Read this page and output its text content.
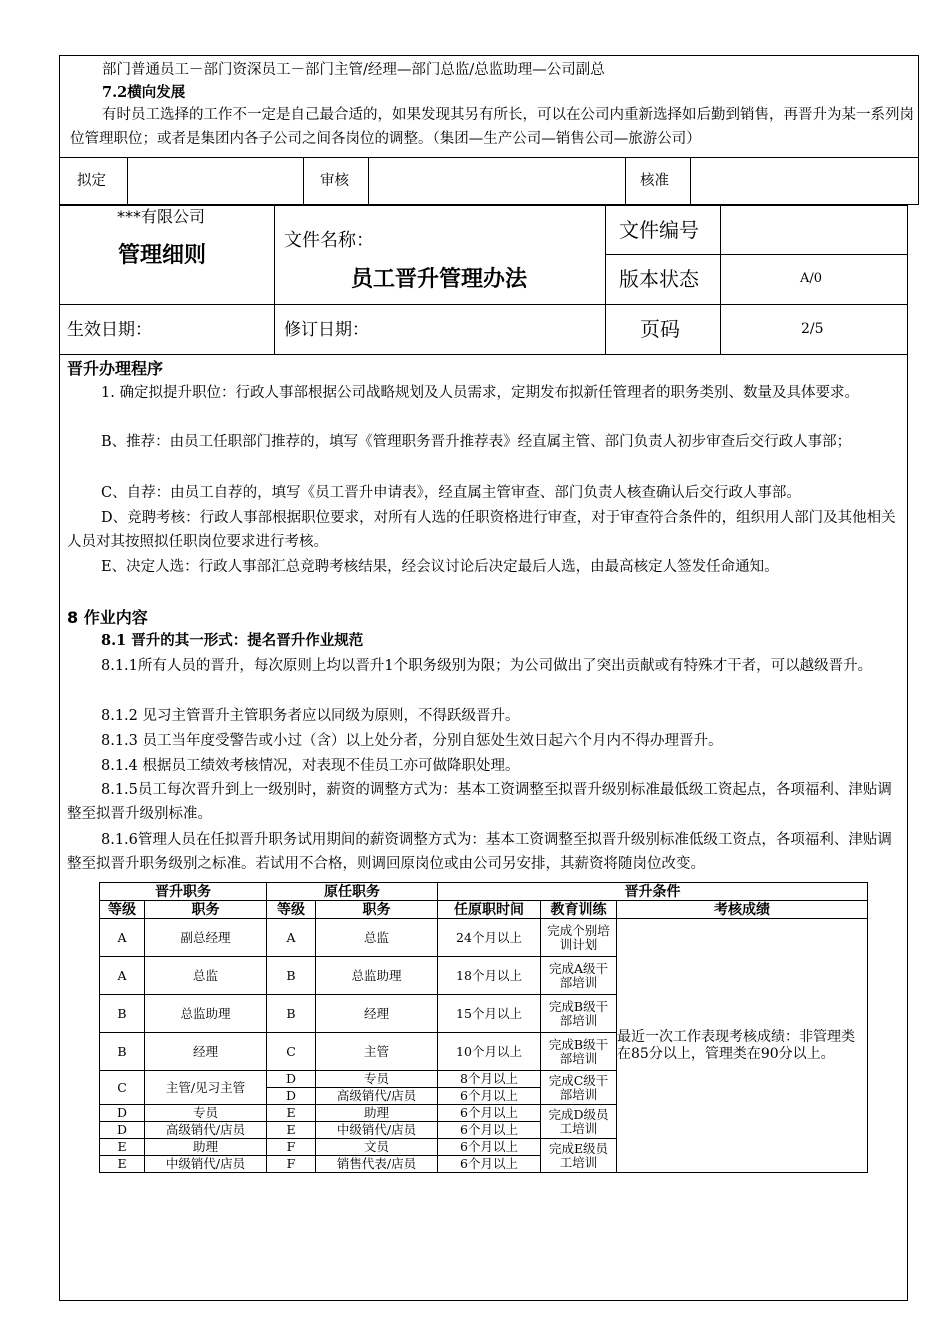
部门普通员工－部门资深员工－部门主管/经理—部门总监/总监助理—公司副总
7.2横向发展
有时员工选择的工作不一定是自己最合适的，如果发现其另有所长，可以在公司内重新选择如后勤到销售，再晋升为某一系列岗位管理职位；或者是集团内各子公司之间各岗位的调整。（集团—生产公司—销售公司—旅游公司）
拟定	审核	核准
***有限公司
管理细则
文件名称：
员工晋升管理办法
文件编号
版本状态	A/0
生效日期：	修订日期：	页码	2/5
晋升办理程序
1. 确定拟提升职位：行政人事部根据公司战略规划及人员需求，定期发布拟新任管理者的职务类别、数量及具体要求。
B、推荐：由员工任职部门推荐的，填写《管理职务晋升推荐表》经直属主管、部门负责人初步审查后交行政人事部；
C、自荐：由员工自荐的，填写《员工晋升申请表》，经直属主管审查、部门负责人核查确认后交行政人事部。
D、竞聘考核：行政人事部根据职位要求，对所有人选的任职资格进行审查，对于审查符合条件的，组织用人部门及其他相关人员对其按照拟任职岗位要求进行考核。
E、决定人选：行政人事部汇总竞聘考核结果，经会议讨论后决定最后人选，由最高核定人签发任命通知。
8 作业内容
8.1 晋升的其一形式：提名晋升作业规范
8.1.1所有人员的晋升，每次原则上均以晋升1个职务级别为限；为公司做出了突出贡献或有特殊才干者，可以越级晋升。
8.1.2 见习主管晋升主管职务者应以同级为原则，不得跃级晋升。
8.1.3 员工当年度受警告或小过（含）以上处分者，分别自惩处生效日起六个月内不得办理晋升。
8.1.4 根据员工绩效考核情况，对表现不佳员工亦可做降职处理。
8.1.5员工每次晋升到上一级别时，薪资的调整方式为：基本工资调整至拟晋升级别标准最低级工资起点，各项福利、津贴调整至拟晋升级别标准。
8.1.6管理人员在任拟晋升职务试用期间的薪资调整方式为：基本工资调整至拟晋升级别标准低级工资点，各项福利、津贴调整至拟晋升职务级别之标准。若试用不合格，则调回原岗位或由公司另安排，其薪资将随岗位改变。
晋升职务		原任职务		晋升条件		
等级	职务	等级	职务	任原职时间	教育训练	考核成绩
A	副总经理	A	总监	24个月以上	完成个别培训计划	最近一次工作表现考核成绩：非管理类在85分以上，管理类在90分以上。
A	总监	B	总监助理	18个月以上	完成A级干部培训	
B	总监助理	B	经理	15个月以上	完成B级干部培训	
B	经理	C	主管	10个月以上	完成B级干部培训	
C	主管/见习主管	D	专员	8个月以上	完成C级干部培训	
		D	高级销代/店员	6个月以上		
D	专员	E	助理	6个月以上	完成D级员工培训	
D	高级销代/店员	E	中级销代/店员	6个月以上		
E	助理	F	文员	6个月以上	完成E级员工培训	
E	中级销代/店员	F	销售代表/店员	6个月以上		
